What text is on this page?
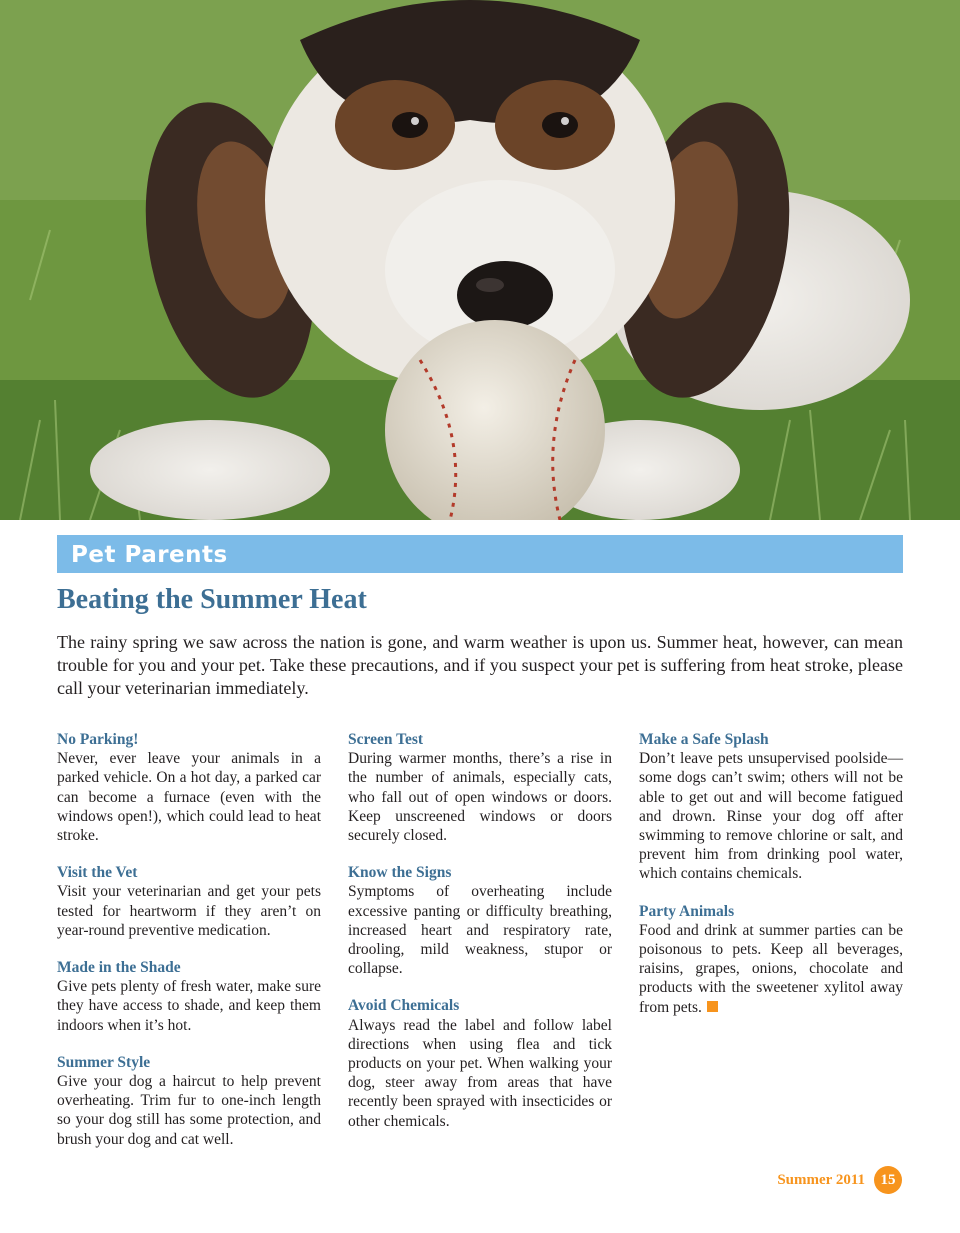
Pet Parents
Beating the Summer Heat

The rainy spring we saw across the nation is gone, and warm weather is upon us. Summer heat, however, can mean trouble for you and your pet. Take these precautions, and if you suspect your pet is suffering from heat stroke, please call your veterinarian immediately.

No Parking!

Never, ever leave your animals in a parked vehicle. On a hot day, a parked car can become a furnace (even with the windows open!), which could lead to heat stroke.

Visit the Vet

Visit your veterinarian and get your pets tested for heartworm if they aren’t on year-round preventive medication.

Made in the Shade

Give pets plenty of fresh water, make sure they have access to shade, and keep them indoors when it’s hot.

Summer Style

Give your dog a haircut to help prevent overheating. Trim fur to one-inch length so your dog still has some protection, and brush your dog and cat well.

Screen Test

During warmer months, there’s a rise in the number of animals, especially cats, who fall out of open windows or doors. Keep unscreened windows or doors securely closed.

Know the Signs

Symptoms of overheating include excessive panting or difficulty breathing, increased heart and respiratory rate, drooling, mild weakness, stupor or collapse.

Avoid Chemicals

Always read the label and follow label directions when using flea and tick products on your pet. When walking your dog, steer away from areas that have recently been sprayed with insecticides or other chemicals.

Make a Safe Splash

Don’t leave pets unsupervised poolside—some dogs can’t swim; others will not be able to get out and will become fatigued and drown. Rinse your dog off after swimming to remove chlorine or salt, and prevent him from drinking pool water, which contains chemicals.

Party Animals

Food and drink at summer parties can be poisonous to pets. Keep all beverages, raisins, grapes, onions, chocolate and products with the sweetener xylitol away from pets.

Summer 2011	15
